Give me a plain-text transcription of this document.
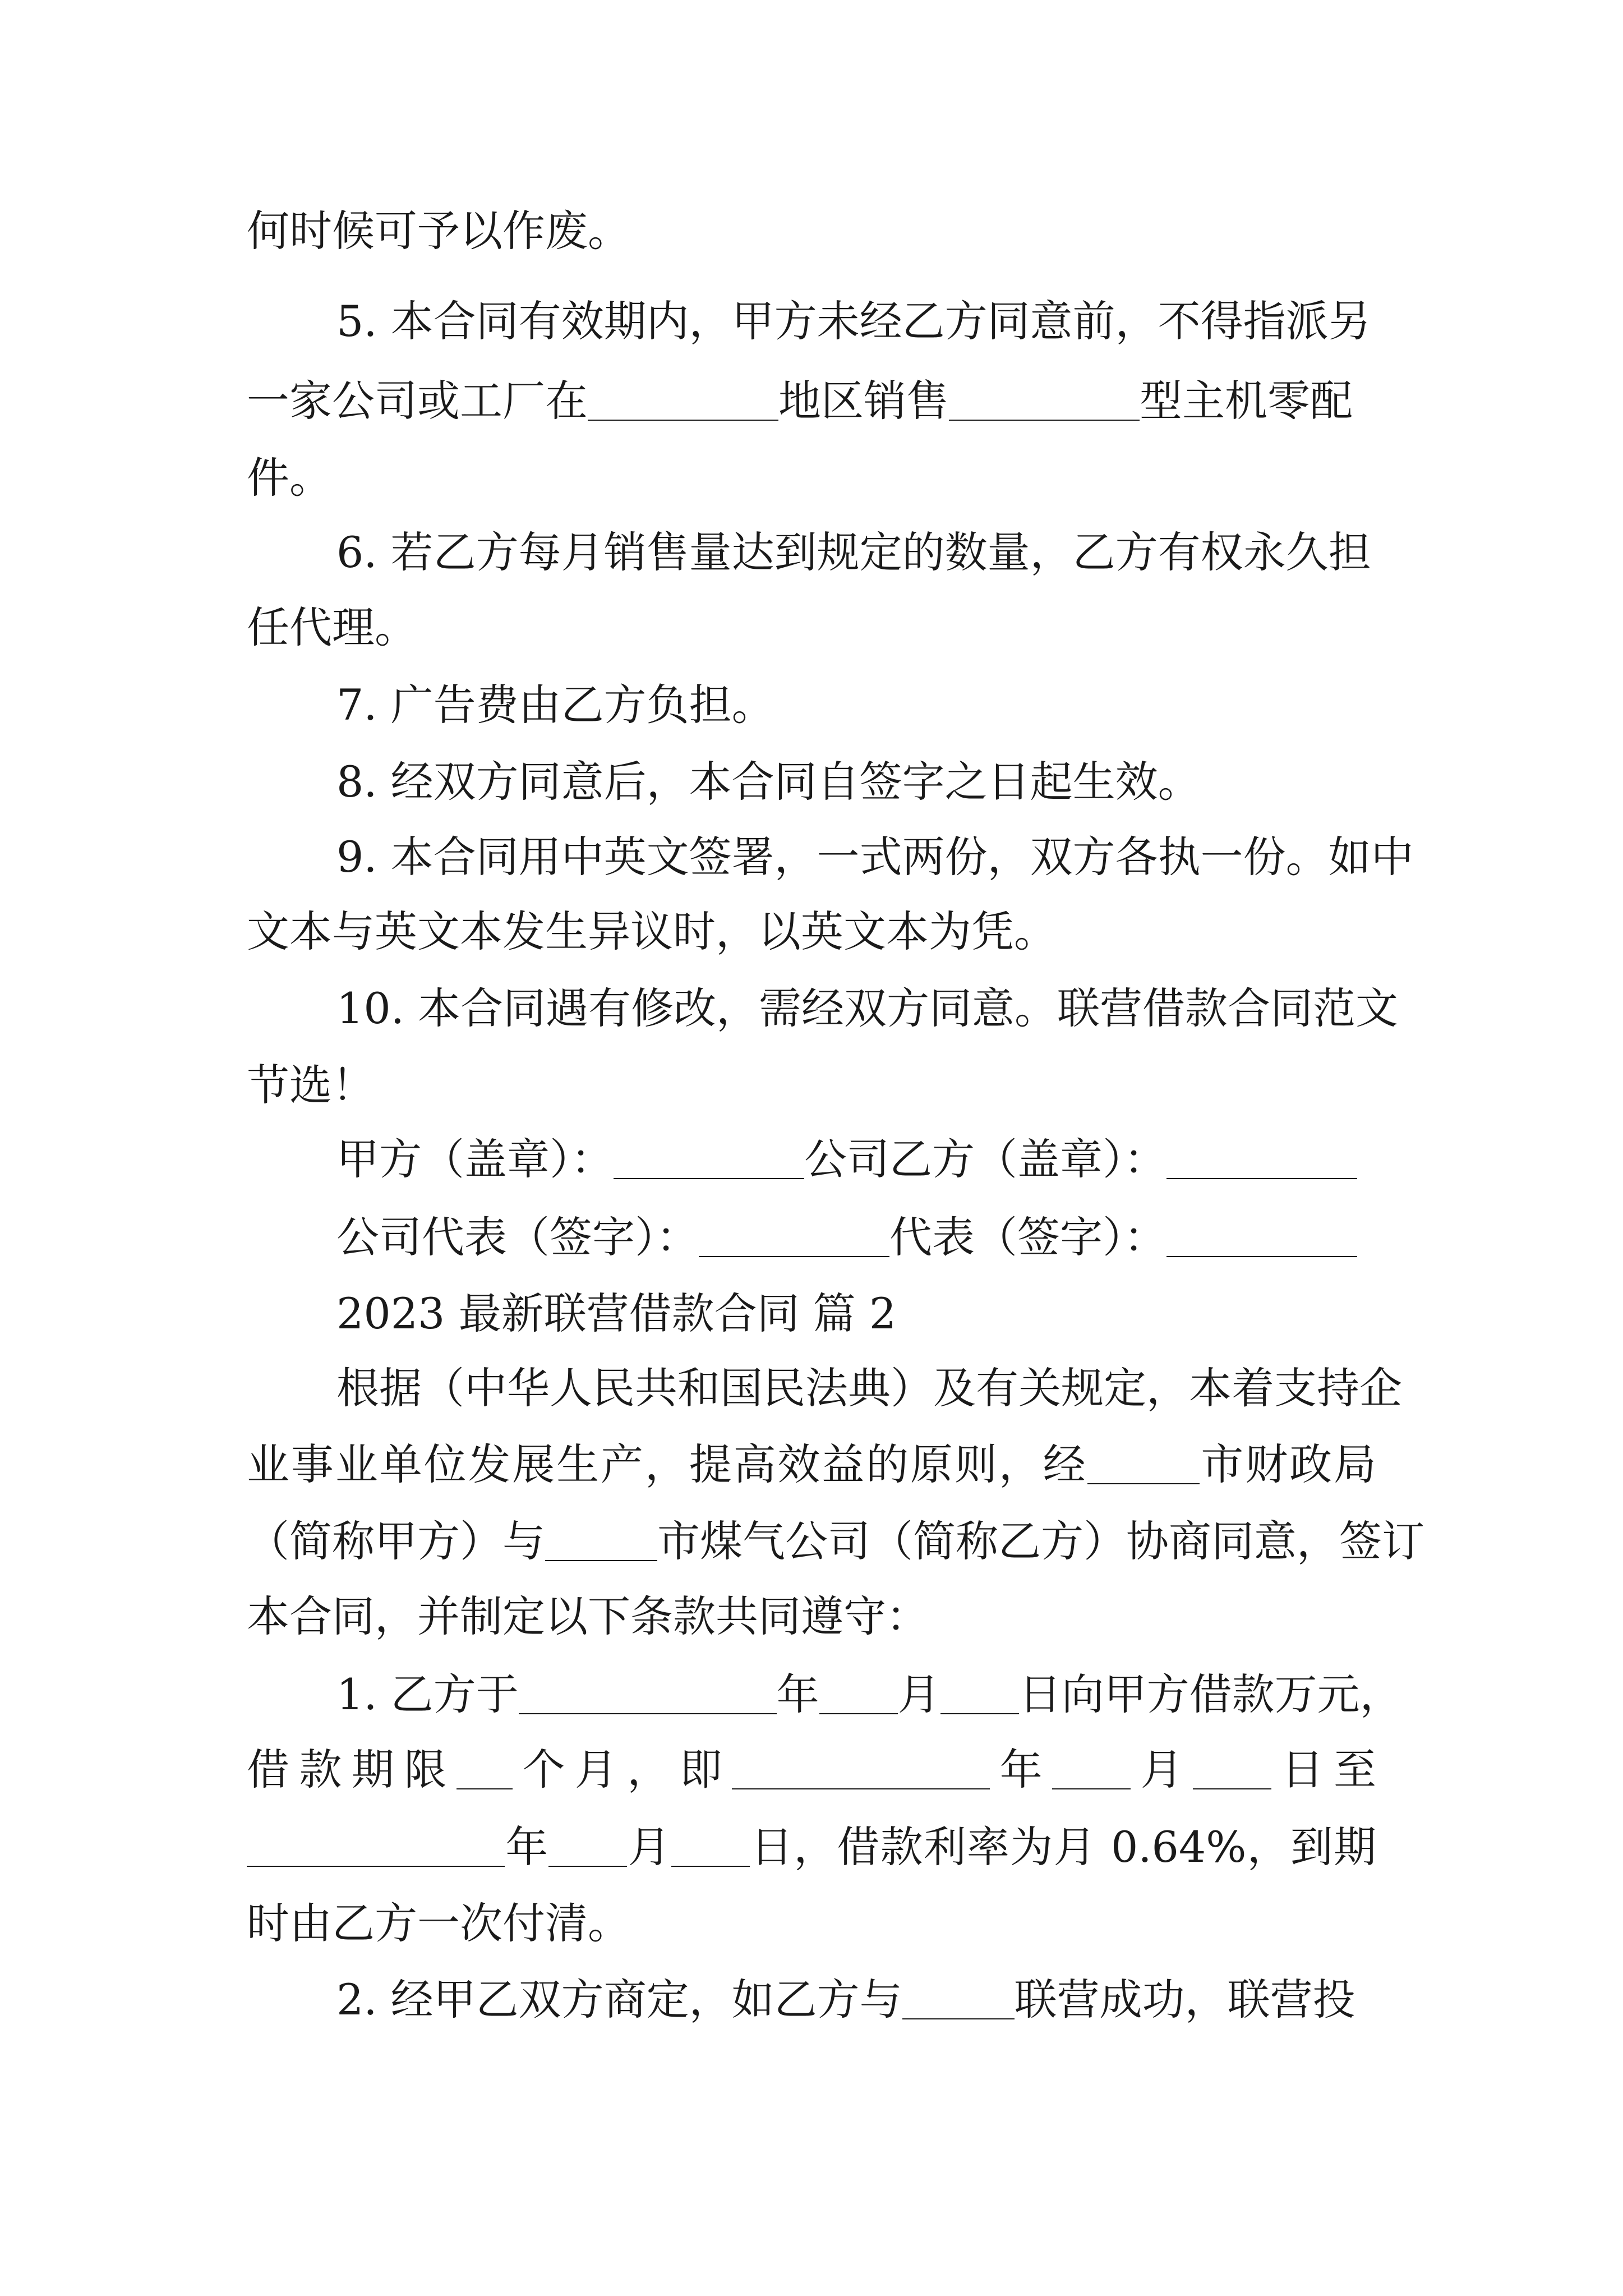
何时候可予以作废。
5. 本合同有效期内，甲方未经乙方同意前，不得指派另
一家公司或工厂在	地区销售	型主机零配
件。
6. 若乙方每月销售量达到规定的数量，乙方有权永久担
任代理。
7. 广告费由乙方负担。
8. 经双方同意后，本合同自签字之日起生效。
9. 本合同用中英文签署，一式两份，双方各执一份。如中
文本与英文本发生异议时，以英文本为凭。
10. 本合同遇有修改，需经双方同意。联营借款合同范文
节选！
甲方（盖章）：	公司乙方（盖章）：
公司代表（签字）：	代表（签字）：
2023 最新联营借款合同 篇 2
根据（中华人民共和国民法典）及有关规定，本着支持企
业事业单位发展生产，提高效益的原则，经	市财政局
（简称甲方）与	市煤气公司（简称乙方）协商同意，签订
本合同，并制定以下条款共同遵守：
1. 乙方于	年 月 日向甲方借款万元，
借款期限 个月，即	年 月 日至
年 月 日，借款利率为月 0.64%，到期
时由乙方一次付清。
2. 经甲乙双方商定，如乙方与	联营成功，联营投
